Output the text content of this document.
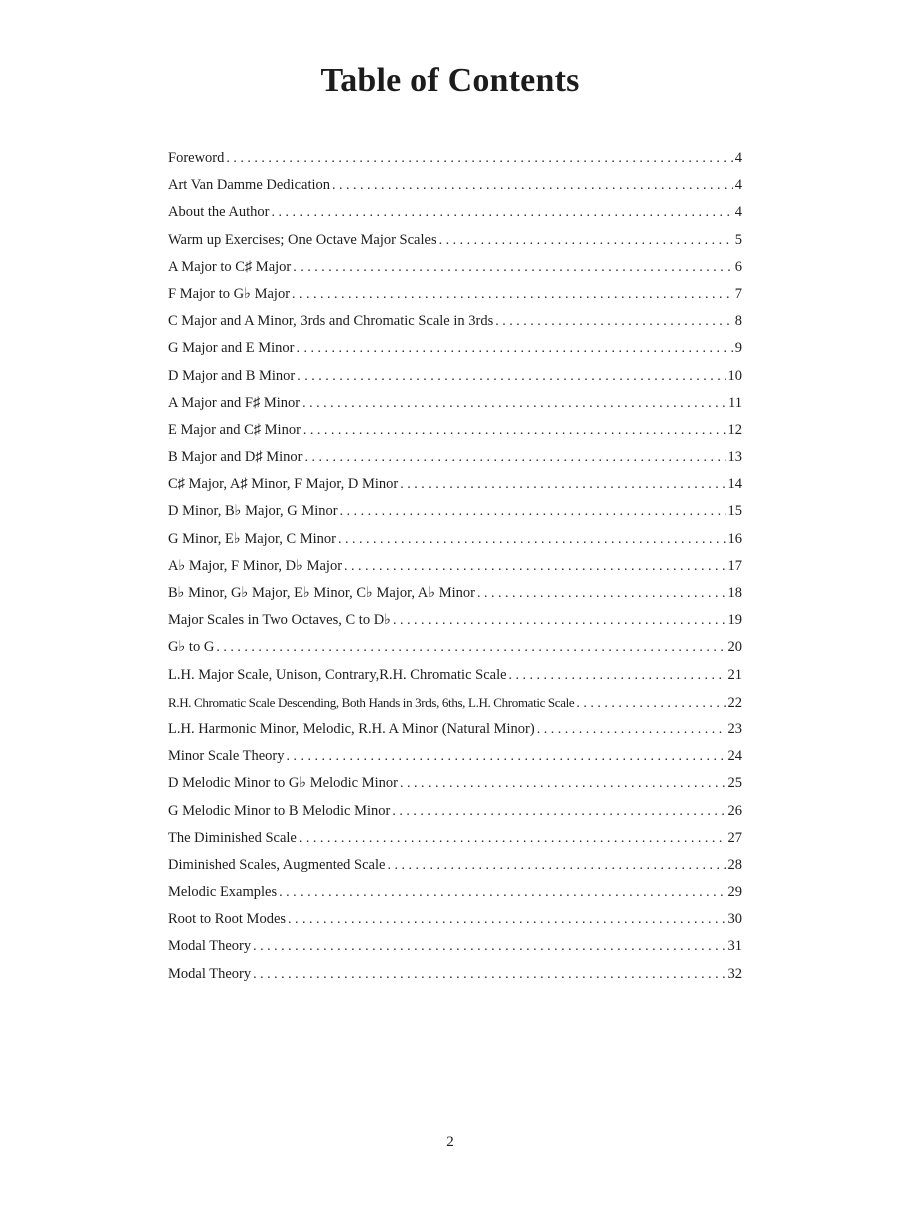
Table of Contents
Foreword . . .	4
Art Van Damme Dedication . . .	4
About the Author . . .	4
Warm up Exercises; One Octave Major Scales . . .	5
A Major to C♯ Major . . .	6
F Major to G♭ Major . . .	7
C Major and A Minor, 3rds and Chromatic Scale in 3rds . . .	8
G Major and E Minor . . .	9
D Major and B Minor . . .	10
A Major and F♯ Minor . . .	11
E Major and C♯ Minor . . .	12
B Major and D♯ Minor . . .	13
C♯ Major, A♯ Minor, F Major, D Minor . . .	14
D Minor, B♭ Major, G Minor . . .	15
G Minor, E♭ Major, C Minor . . .	16
A♭ Major, F Minor, D♭ Major . . .	17
B♭ Minor, G♭ Major, E♭ Minor, C♭ Major, A♭ Minor . . .	18
Major Scales in Two Octaves, C to D♭ . . .	19
G♭ to G . . .	20
L.H. Major Scale, Unison, Contrary,R.H. Chromatic Scale . . .	21
R.H. Chromatic Scale Descending, Both Hands in 3rds, 6ths, L.H. Chromatic Scale . . .	22
L.H. Harmonic Minor, Melodic, R.H. A Minor (Natural Minor) . . .	23
Minor Scale Theory . . .	24
D Melodic Minor to G♭ Melodic Minor . . .	25
G Melodic Minor to B Melodic Minor . . .	26
The Diminished Scale . . .	27
Diminished Scales, Augmented Scale . . .	28
Melodic Examples . . .	29
Root to Root Modes . . .	30
Modal Theory . . .	31
Modal Theory . . .	32
2
